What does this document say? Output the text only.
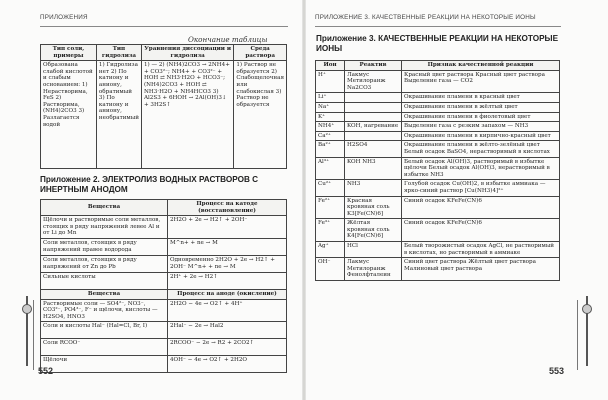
ПРИЛОЖЕНИЯ
Окончание таблицы
Тип соли, примеры	Тип гидролиза	Уравнения диссоциации и гидролиза	Среда раствора
Образована слабой кислотой и слабым основанием: 1) Нерастворима, FeS 2) Растворима, (NH4)2CO3 3) Разлагается водой	1) Гидролиза нет 2) По катиону и аниону, обратимый 3) По катиону и аниону, необратимый	1) — 2) (NH4)2CO3 → 2NH4+ + CO3²⁻; NH4+ + CO3²⁻ + HOH ⇄ NH3·H2O + HCO3⁻; (NH4)2CO3 + HOH ⇄ NH3·H2O + NH4HCO3 3) Al2S3 + 6HOH → 2Al(OH)3↓ + 3H2S↑	1) Раствор не образуется 2) Слабощелочная или слабокислая 3) Раствор не образуется
Приложение 2. ЭЛЕКТРОЛИЗ ВОДНЫХ РАСТВОРОВ С ИНЕРТНЫМ АНОДОМ
Вещества	Процесс на катоде (восстановление)
Щёлочи и растворимые соли металлов, стоящих в ряду напряжений левее Al и от Li до Mn	2H2O + 2e → H2↑ + 2OH⁻
Соли металлов, стоящих в ряду напряжений правее водорода	M^n+ + ne → M
Соли металлов, стоящих в ряду напряжений от Zn до Pb	Одновременно 2H2O + 2e → H2↑ + 2OH⁻ M^n+ + ne → M
Сильные кислоты	2H⁺ + 2e → H2↑
Вещества	Процесс на аноде (окисление)
Растворимые соли — SO4²⁻, NO3⁻, CO3²⁻, PO4³⁻, F⁻ и щёлочи, кислоты — H2SO4, HNO3	2H2O − 4e → O2↑ + 4H⁺
Соли и кислоты Hal⁻ (Hal=Cl, Br, I)	2Hal⁻ − 2e → Hal2
Соли RCOO⁻	2RCOO⁻ − 2e → R2 + 2CO2↑
Щёлочи	4OH⁻ − 4e → O2↑ + 2H2O
552
ПРИЛОЖЕНИЕ 3. КАЧЕСТВЕННЫЕ РЕАКЦИИ НА НЕКОТОРЫЕ ИОНЫ
Приложение 3. КАЧЕСТВЕННЫЕ РЕАКЦИИ НА НЕКОТОРЫЕ ИОНЫ
Ион	Реактив	Признак качественной реакции
H⁺	Лакмус Метилоранж Na2CO3	Красный цвет раствора Красный цвет раствора Выделение газа — CO2
Li⁺		Окрашивание пламени в красный цвет
Na⁺		Окрашивание пламени в жёлтый цвет
K⁺		Окрашивание пламени в фиолетовый цвет
NH4⁺	KOH, нагревание	Выделение газа с резким запахом — NH3
Ca²⁺		Окрашивание пламени в кирпично-красный цвет
Ba²⁺	H2SO4	Окрашивание пламени в жёлто-зелёный цвет Белый осадок BaSO4, нерастворимый в кислотах
Al³⁺	KOH NH3	Белый осадок Al(OH)3, растворимый в избытке щёлочи Белый осадок Al(OH)3, нерастворимый в избытке NH3
Cu²⁺	NH3	Голубой осадок Cu(OH)2, в избытке аммиака — ярко-синий раствор [Cu(NH3)4]²⁺
Fe²⁺	Красная кровяная соль K3[Fe(CN)6]	Синий осадок KFeFe(CN)6
Fe³⁺	Жёлтая кровяная соль K4[Fe(CN)6]	Синий осадок KFeFe(CN)6
Ag⁺	HCl	Белый творожистый осадок AgCl, не растворимый в кислотах, но растворимый в аммиаке
OH⁻	Лакмус Метилоранж Фенолфталеин	Синий цвет раствора Жёлтый цвет раствора Малиновый цвет раствора
553
